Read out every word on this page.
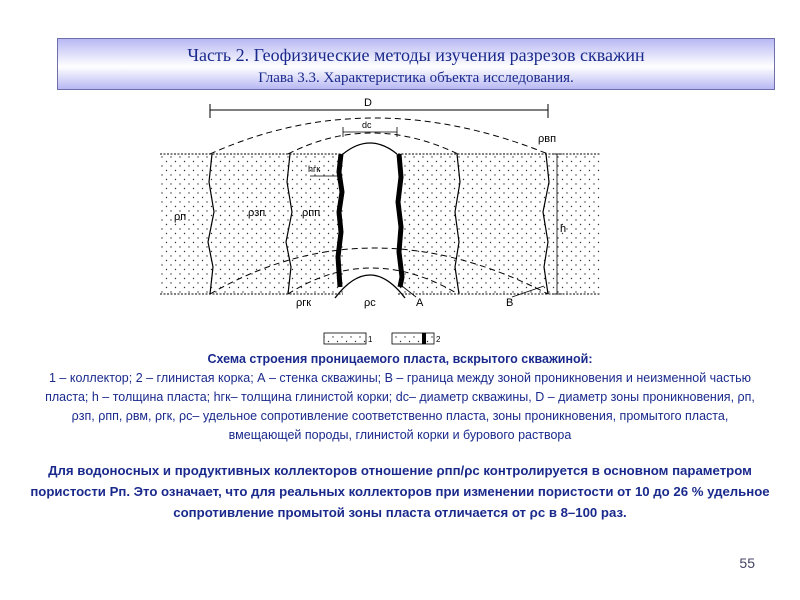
Часть 2. Геофизические методы изучения разрезов скважин
Глава 3.3. Характеристика объекта исследования.
D
dc
h
hгк
ρвп
ρп	ρзп	ρпп
ρгк	ρс	A	B
1	2
Схема строения проницаемого пласта, вскрытого скважиной:
1 – коллектор; 2 – глинистая корка; А – стенка скважины; В – граница между зоной проникновения и неизменной частью пласта; h – толщина пласта; hгк– толщина глинистой корки; dc– диаметр скважины, D – диаметр зоны проникновения, ρп, ρзп, ρпп, ρвм, ρгк, ρс– удельное сопротивление соответственно пласта, зоны проникновения, промытого пласта, вмещающей породы, глинистой корки и бурового раствора
Для водоносных и продуктивных коллекторов отношение ρпп/ρс контролируется в основном параметром пористости Рп. Это означает, что для реальных коллекторов при изменении пористости от 10 до 26 % удельное сопротивление промытой зоны пласта отличается от ρс в 8–100 раз.
55
